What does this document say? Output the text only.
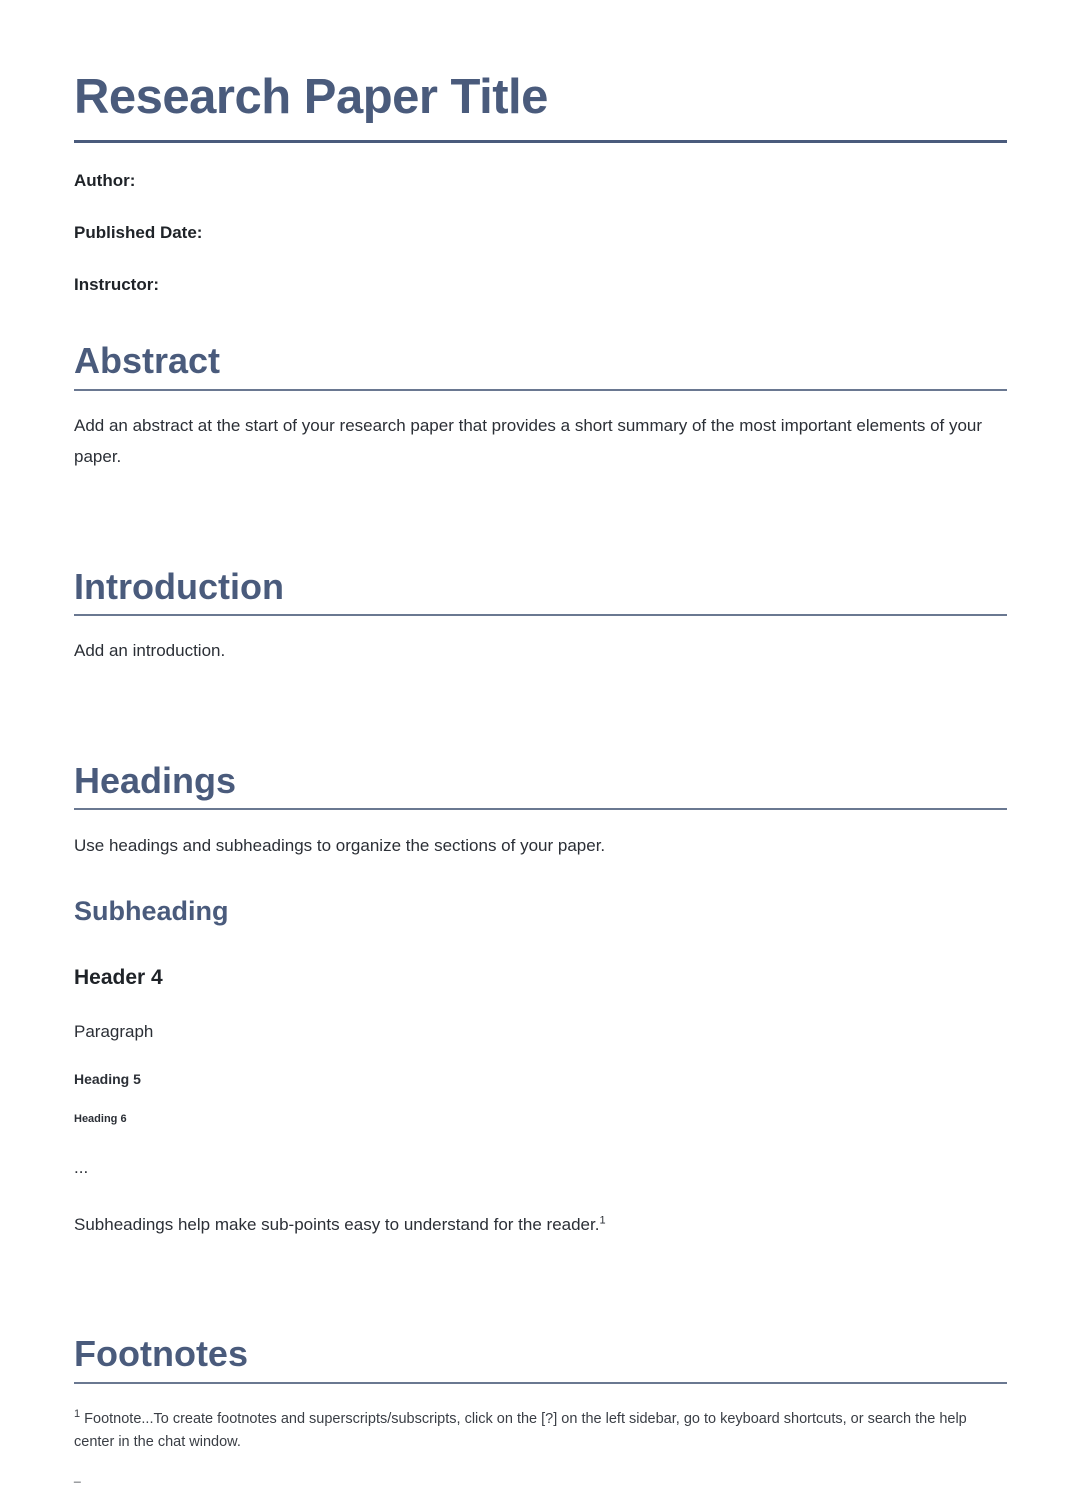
Research Paper Title

Author:

Published Date:

Instructor:

Abstract

Add an abstract at the start of your research paper that provides a short summary of the most important elements of your paper.

Introduction

Add an introduction.

Headings

Use headings and subheadings to organize the sections of your paper.

Subheading
Header 4

Paragraph

Heading 5
Heading 6

...

Subheadings help make sub-points easy to understand for the reader.$^1$

Footnotes

$^1$ Footnote...To create footnotes and superscripts/subscripts, click on the [?] on the left sidebar, go to keyboard shortcuts, or search the help center in the chat window.

_
